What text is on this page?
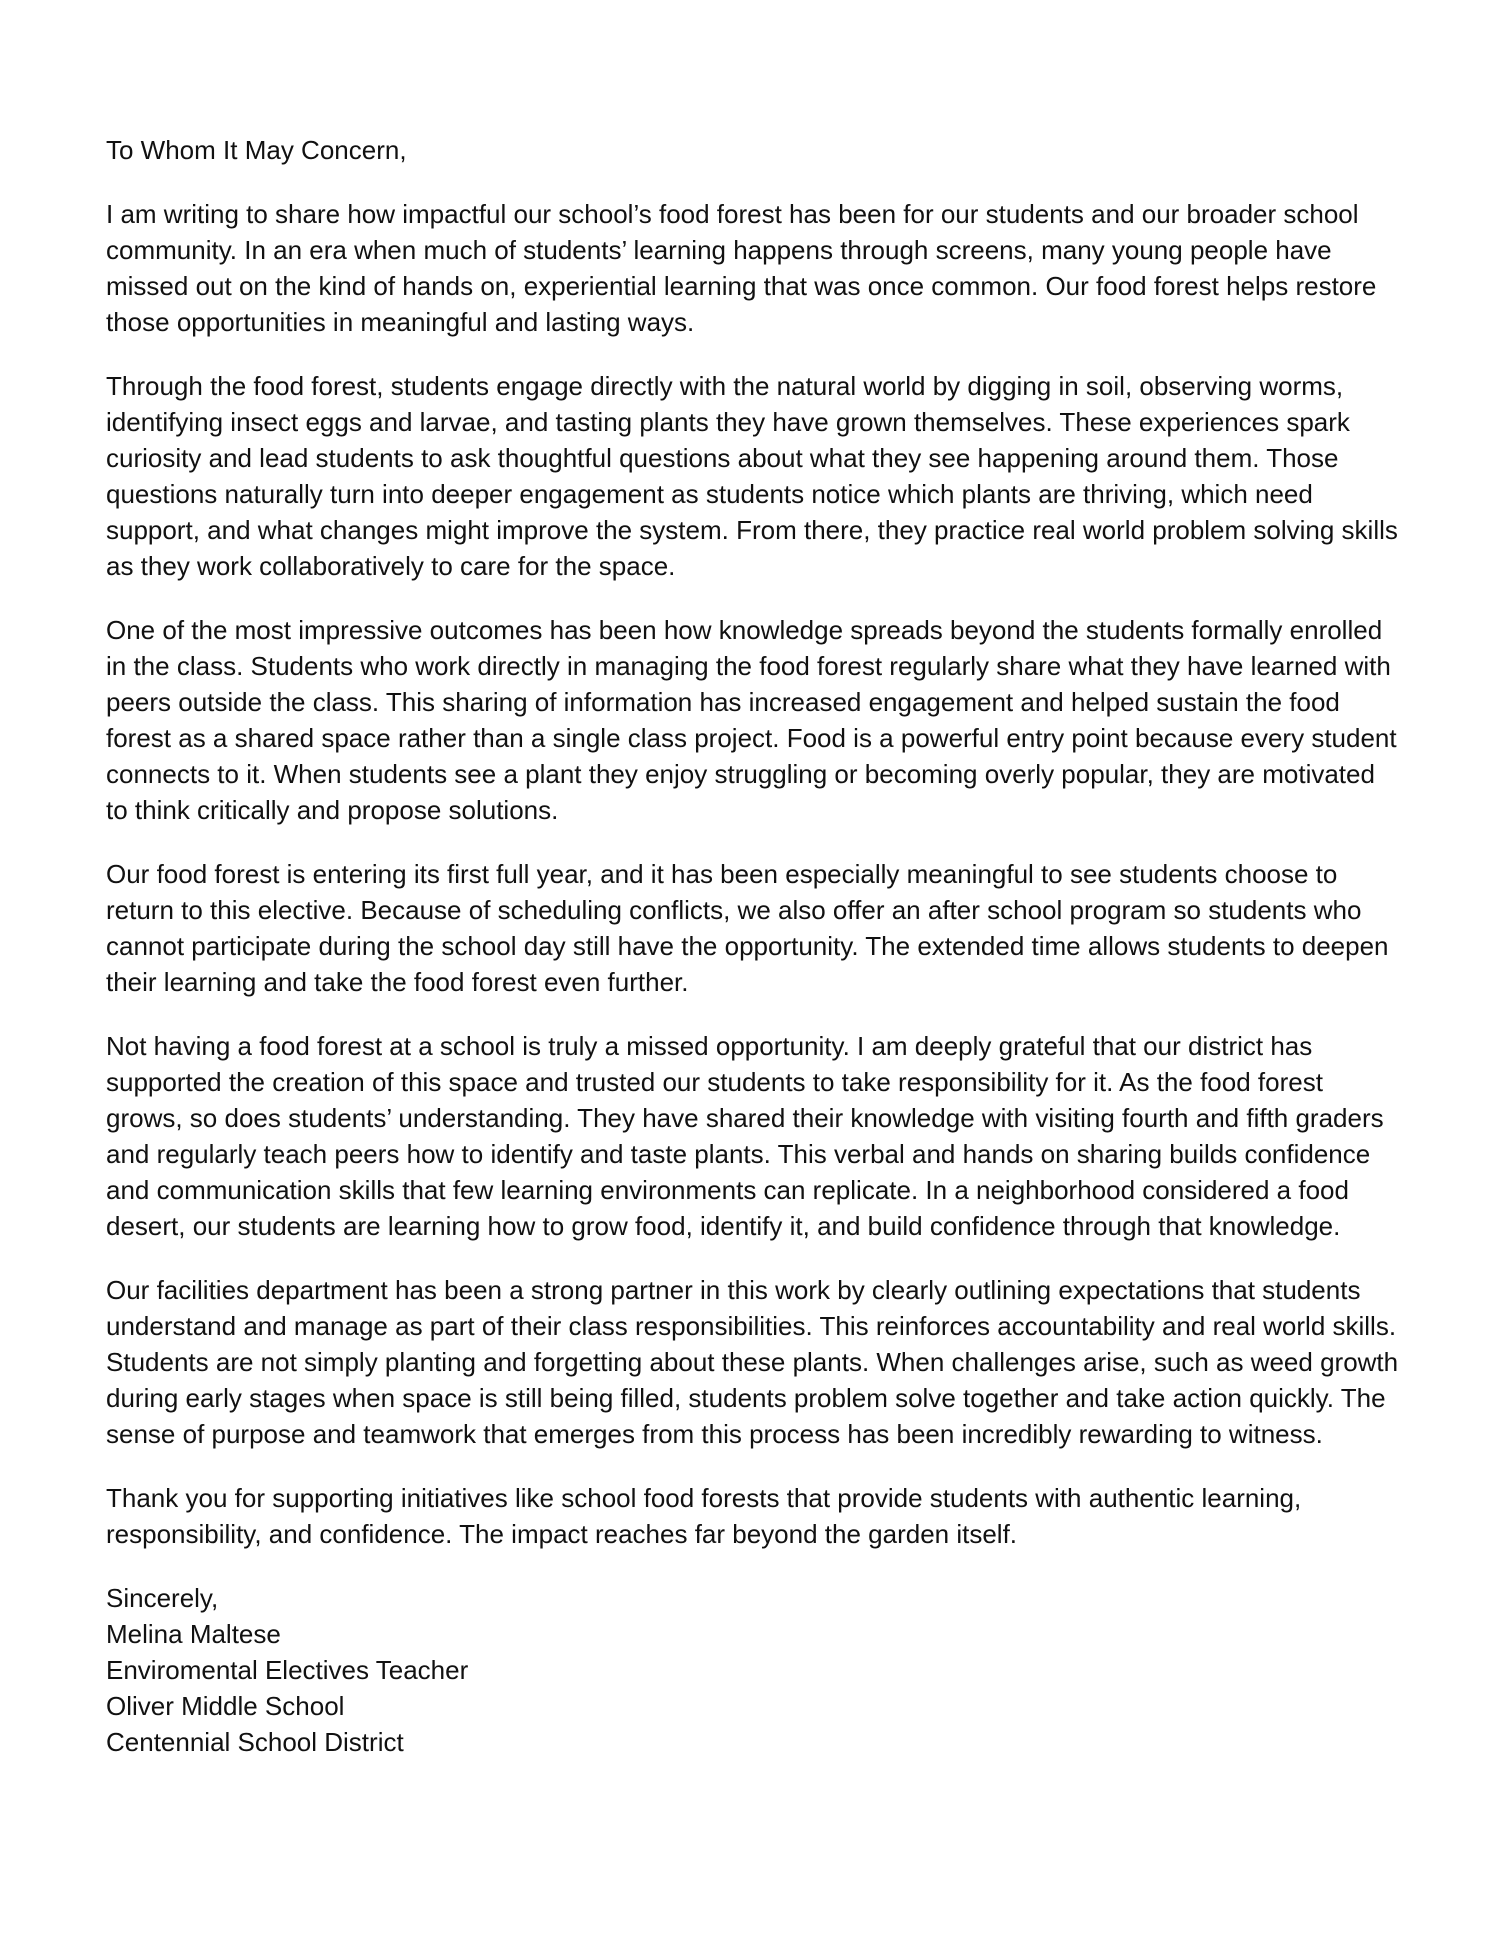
To Whom It May Concern,

I am writing to share how impactful our school’s food forest has been for our students and our broader school community. In an era when much of students’ learning happens through screens, many young people have missed out on the kind of hands on, experiential learning that was once common. Our food forest helps restore those opportunities in meaningful and lasting ways.

Through the food forest, students engage directly with the natural world by digging in soil, observing worms, identifying insect eggs and larvae, and tasting plants they have grown themselves. These experiences spark curiosity and lead students to ask thoughtful questions about what they see happening around them. Those questions naturally turn into deeper engagement as students notice which plants are thriving, which need support, and what changes might improve the system. From there, they practice real world problem solving skills as they work collaboratively to care for the space.

One of the most impressive outcomes has been how knowledge spreads beyond the students formally enrolled in the class. Students who work directly in managing the food forest regularly share what they have learned with peers outside the class. This sharing of information has increased engagement and helped sustain the food forest as a shared space rather than a single class project. Food is a powerful entry point because every student connects to it. When students see a plant they enjoy struggling or becoming overly popular, they are motivated to think critically and propose solutions.

Our food forest is entering its first full year, and it has been especially meaningful to see students choose to return to this elective. Because of scheduling conflicts, we also offer an after school program so students who cannot participate during the school day still have the opportunity. The extended time allows students to deepen their learning and take the food forest even further.

Not having a food forest at a school is truly a missed opportunity. I am deeply grateful that our district has supported the creation of this space and trusted our students to take responsibility for it. As the food forest grows, so does students’ understanding. They have shared their knowledge with visiting fourth and fifth graders and regularly teach peers how to identify and taste plants. This verbal and hands on sharing builds confidence and communication skills that few learning environments can replicate. In a neighborhood considered a food desert, our students are learning how to grow food, identify it, and build confidence through that knowledge.

Our facilities department has been a strong partner in this work by clearly outlining expectations that students understand and manage as part of their class responsibilities. This reinforces accountability and real world skills. Students are not simply planting and forgetting about these plants. When challenges arise, such as weed growth during early stages when space is still being filled, students problem solve together and take action quickly. The sense of purpose and teamwork that emerges from this process has been incredibly rewarding to witness.

Thank you for supporting initiatives like school food forests that provide students with authentic learning, responsibility, and confidence. The impact reaches far beyond the garden itself.

Sincerely,
Melina Maltese
Enviromental Electives Teacher
Oliver Middle School
Centennial School District
